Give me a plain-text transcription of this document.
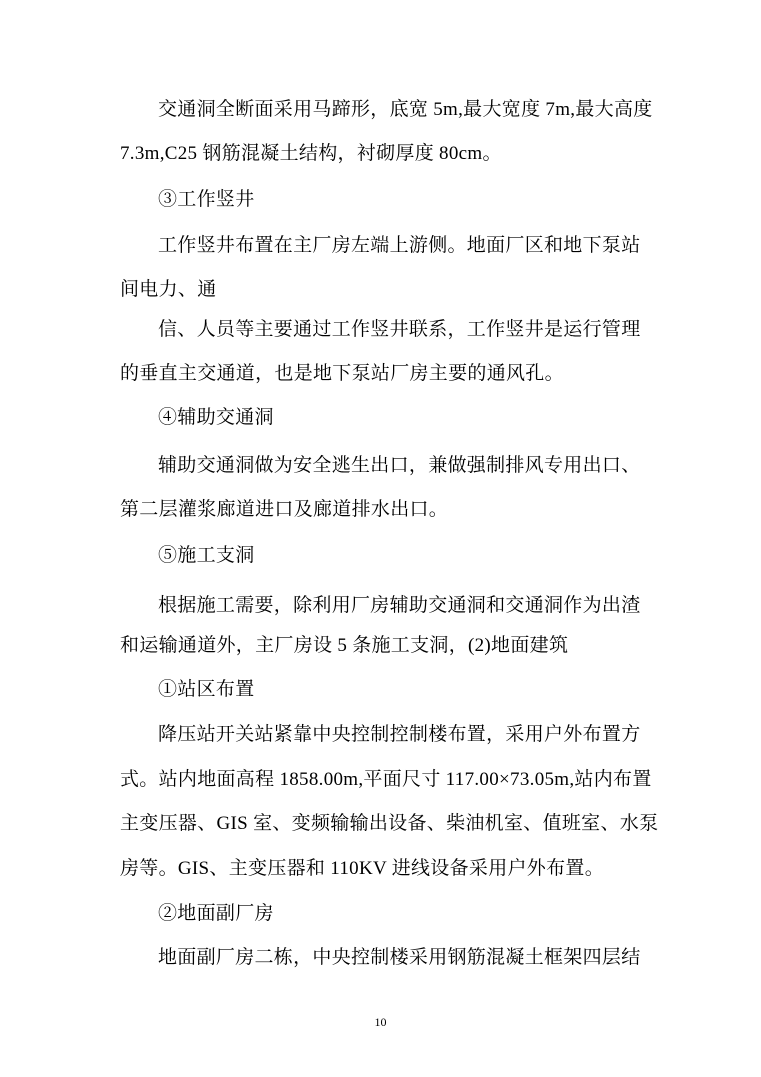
交通洞全断面采用马蹄形，底宽 5m,最大宽度 7m,最大高度
7.3m,C25 钢筋混凝土结构，衬砌厚度 80cm。
③工作竖井
工作竖井布置在主厂房左端上游侧。地面厂区和地下泵站
间电力、通
信、人员等主要通过工作竖井联系，工作竖井是运行管理
的垂直主交通道，也是地下泵站厂房主要的通风孔。
④辅助交通洞
辅助交通洞做为安全逃生出口，兼做强制排风专用出口、
第二层灌浆廊道进口及廊道排水出口。
⑤施工支洞
根据施工需要，除利用厂房辅助交通洞和交通洞作为出渣
和运输通道外，主厂房设 5 条施工支洞，(2)地面建筑
①站区布置
降压站开关站紧靠中央控制控制楼布置，采用户外布置方
式。站内地面高程 1858.00m,平面尺寸 117.00×73.05m,站内布置
主变压器、GIS 室、变频输输出设备、柴油机室、值班室、水泵
房等。GIS、主变压器和 110KV 进线设备采用户外布置。
②地面副厂房
地面副厂房二栋，中央控制楼采用钢筋混凝土框架四层结
10
